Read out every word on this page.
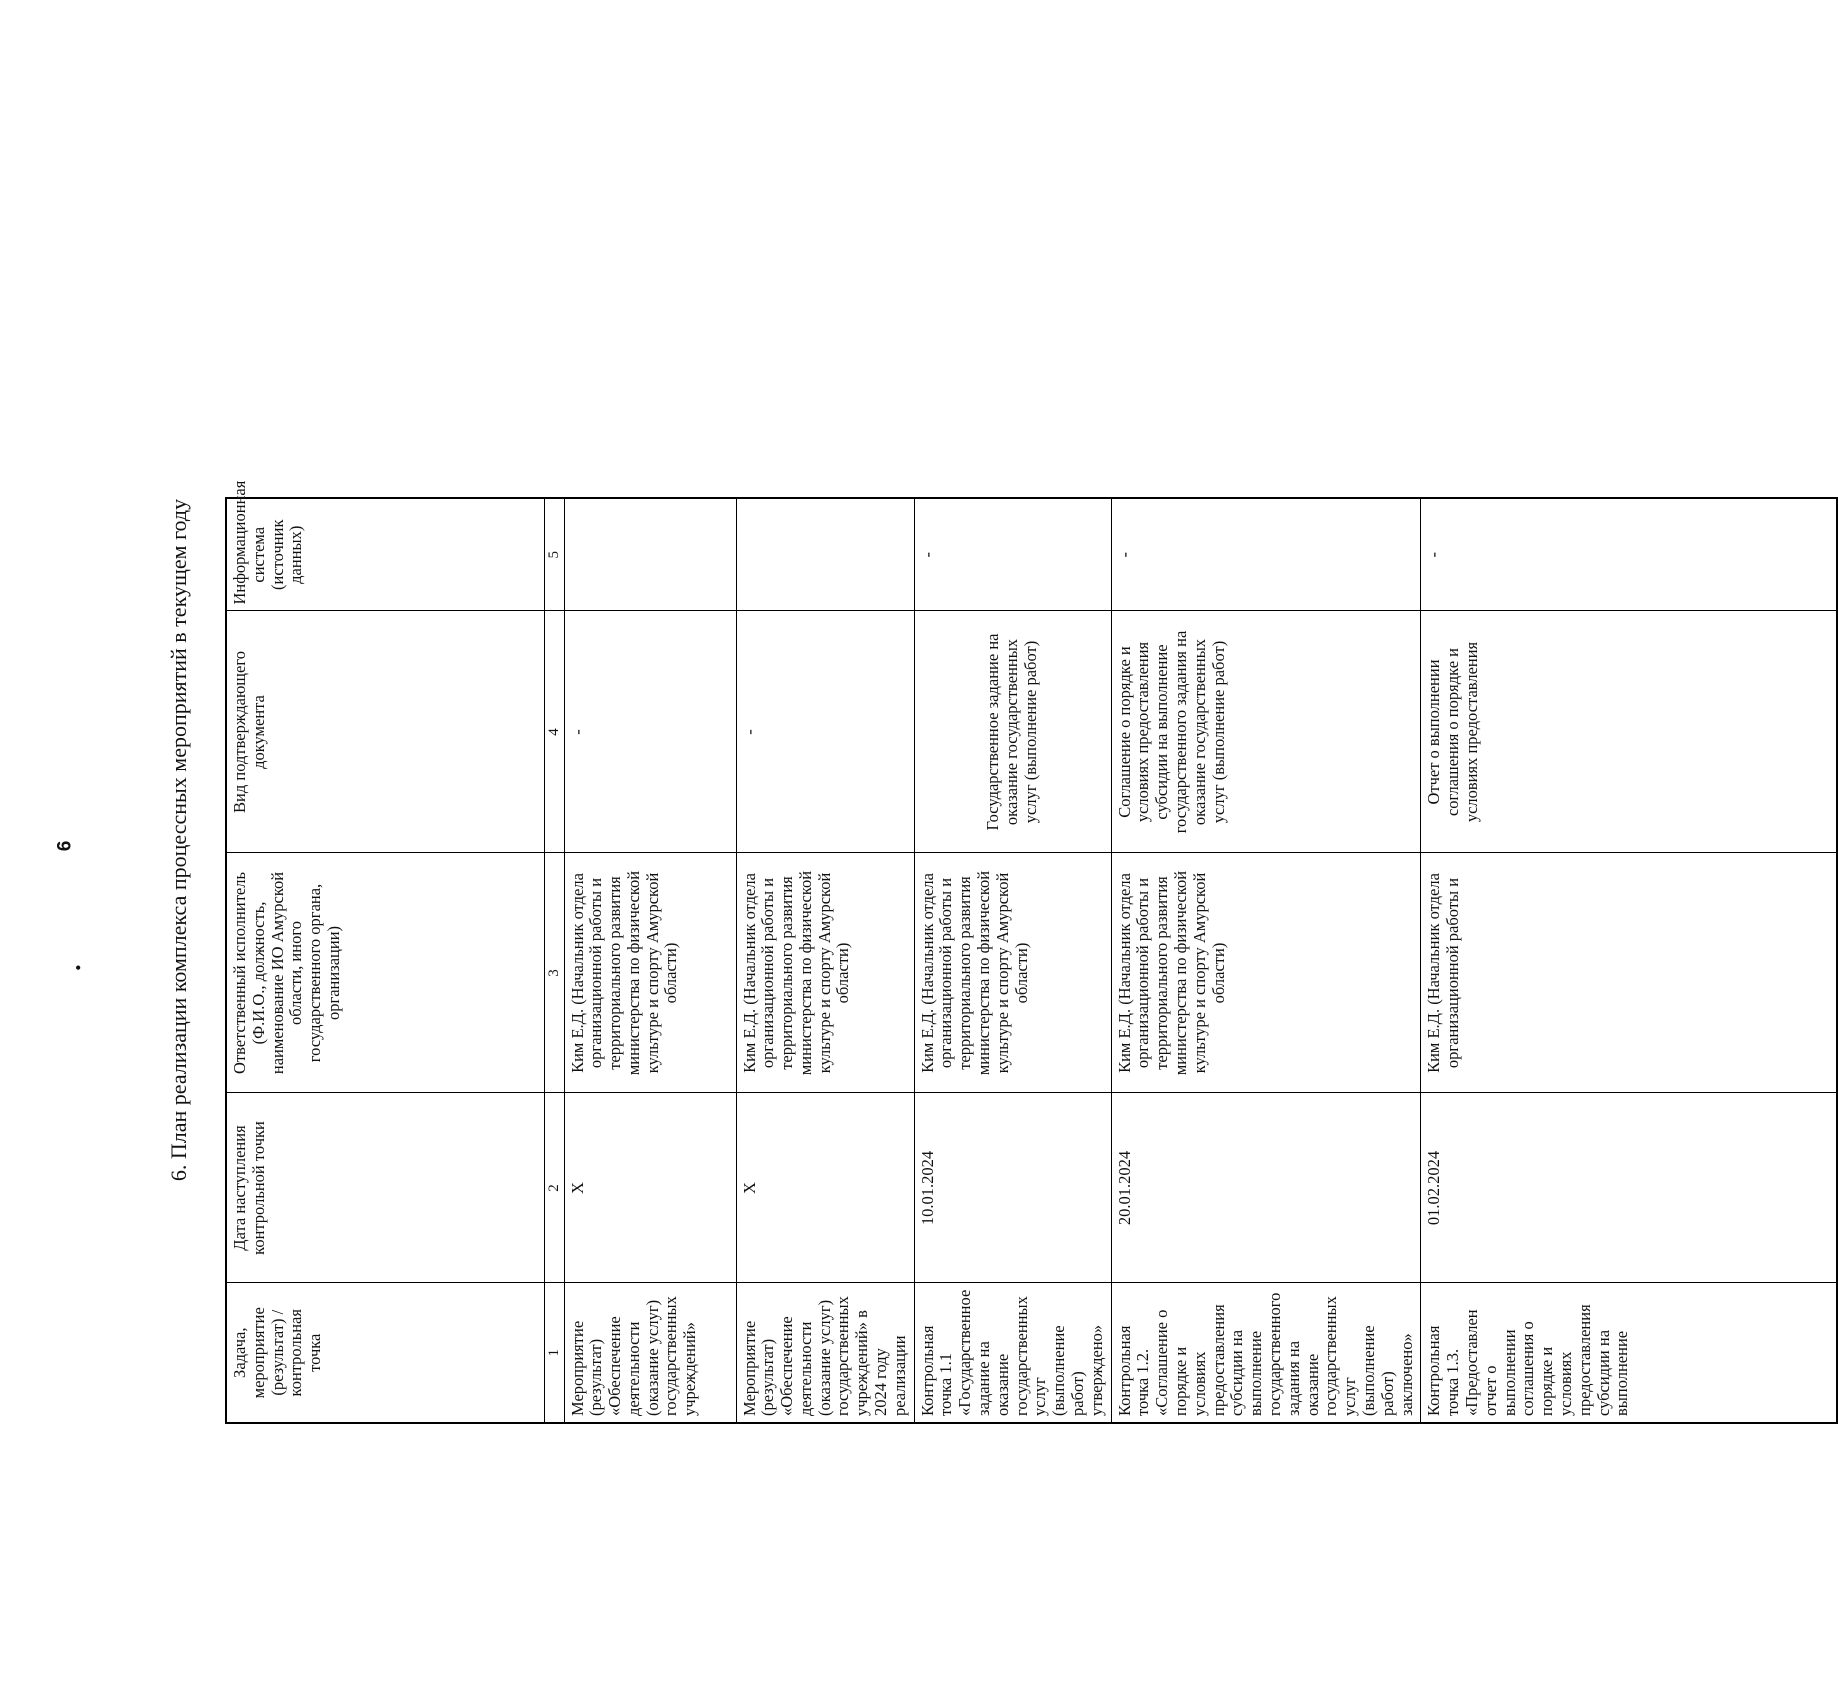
6
•	6. План реализации комплекса процессных мероприятий в текущем году
Задача, мероприятие (результат) / контрольная точка	Дата наступления контрольной точки	Ответственный исполнитель (Ф.И.О., должность, наименование ИО Амурской области, иного государственного органа, организации)	Вид подтверждающего документа	Информационная система (источник данных)
1	2	3	4	5
Мероприятие (результат) «Обеспечение деятельности (оказание услуг) государственных учреждений»	X	Ким Е.Д. (Начальник отдела организационной работы и территориального развития министерства по физической культуре и спорту Амурской области)	-	
Мероприятие (результат) «Обеспечение деятельности (оказание услуг) государственных учреждений» в 2024 году реализации	X	Ким Е.Д. (Начальник отдела организационной работы и территориального развития министерства по физической культуре и спорту Амурской области)	-	
Контрольная точка 1.1 «Государственное задание на оказание государственных услуг (выполнение работ) утверждено»	10.01.2024	Ким Е.Д. (Начальник отдела организационной работы и территориального развития министерства по физической культуре и спорту Амурской области)	Государственное задание на оказание государственных услуг (выполнение работ)	-
Контрольная точка 1.2. «Соглашение о порядке и условиях предоставления субсидии на выполнение государственного задания на оказание государственных услуг (выполнение работ) заключено»	20.01.2024	Ким Е.Д. (Начальник отдела организационной работы и территориального развития министерства по физической культуре и спорту Амурской области)	Соглашение о порядке и условиях предоставления субсидии на выполнение государственного задания на оказание государственных услуг (выполнение работ)	-
Контрольная точка 1.3. «Предоставлен отчет о выполнении соглашения о порядке и условиях предоставления субсидии на выполнение	01.02.2024	Ким Е.Д. (Начальник отдела организационной работы и	Отчет о выполнении соглашения о порядке и условиях предоставления	-
